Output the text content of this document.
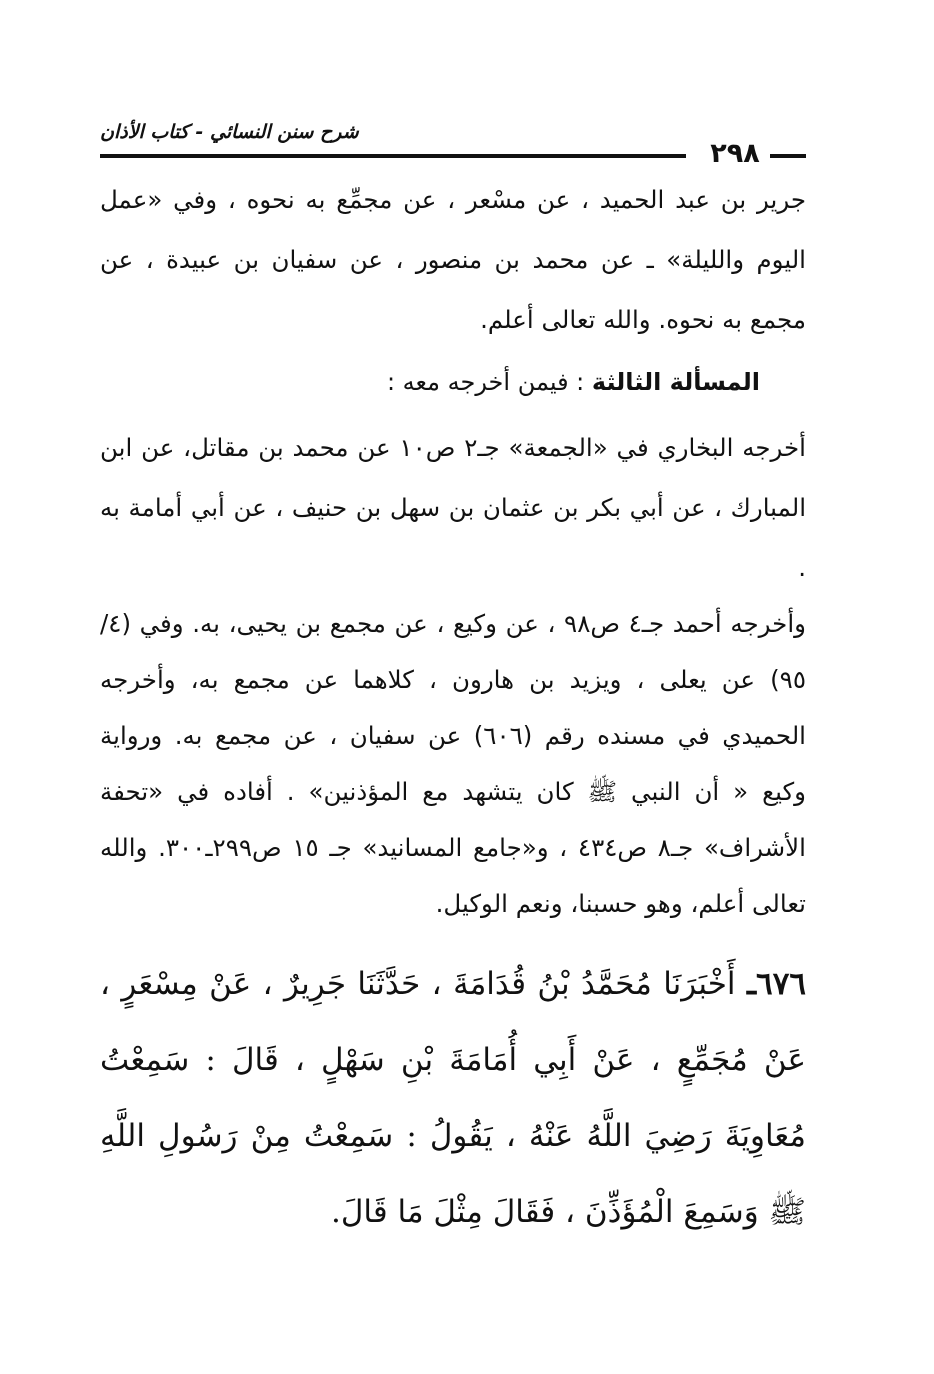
شرح سنن النسائي - كتاب الأذان
٢٩٨

جرير بن عبد الحميد ، عن مسْعر ، عن مجمِّع به نحوه ، وفي «عمل اليوم والليلة» ـ عن محمد بن منصور ، عن سفيان بن عبيدة ، عن مجمع به نحوه. والله تعالى أعلم.

المسألة الثالثة : فيمن أخرجه معه :

أخرجه البخاري في «الجمعة» جـ٢ ص١٠ عن محمد بن مقاتل، عن ابن المبارك ، عن أبي بكر بن عثمان بن سهل بن حنيف ، عن أبي أمامة به .

وأخرجه أحمد جـ٤ ص٩٨ ، عن وكيع ، عن مجمع بن يحيى، به. وفي (٤/ ٩٥) عن يعلى ، ويزيد بن هارون ، كلاهما عن مجمع به، وأخرجه الحميدي في مسنده رقم (٦٠٦) عن سفيان ، عن مجمع به. ورواية وكيع « أن النبي ﷺ كان يتشهد مع المؤذنين» . أفاده في «تحفة الأشراف» جـ٨ ص٤٣٤ ، و«جامع المسانيد» جـ ١٥ ص٢٩٩ـ٣٠٠. والله تعالى أعلم، وهو حسبنا، ونعم الوكيل.

٦٧٦ـ أَخْبَرَنَا مُحَمَّدُ بْنُ قُدَامَةَ ، حَدَّثَنَا جَرِيرٌ ، عَنْ مِسْعَرٍ ، عَنْ مُجَمِّعٍ ، عَنْ أَبِي أُمَامَةَ بْنِ سَهْلٍ ، قَالَ : سَمِعْتُ مُعَاوِيَةَ رَضِيَ اللَّهُ عَنْهُ ، يَقُولُ : سَمِعْتُ مِنْ رَسُولِ اللَّهِ ﷺ وَسَمِعَ الْمُؤَذِّنَ ، فَقَالَ مِثْلَ مَا قَالَ.
